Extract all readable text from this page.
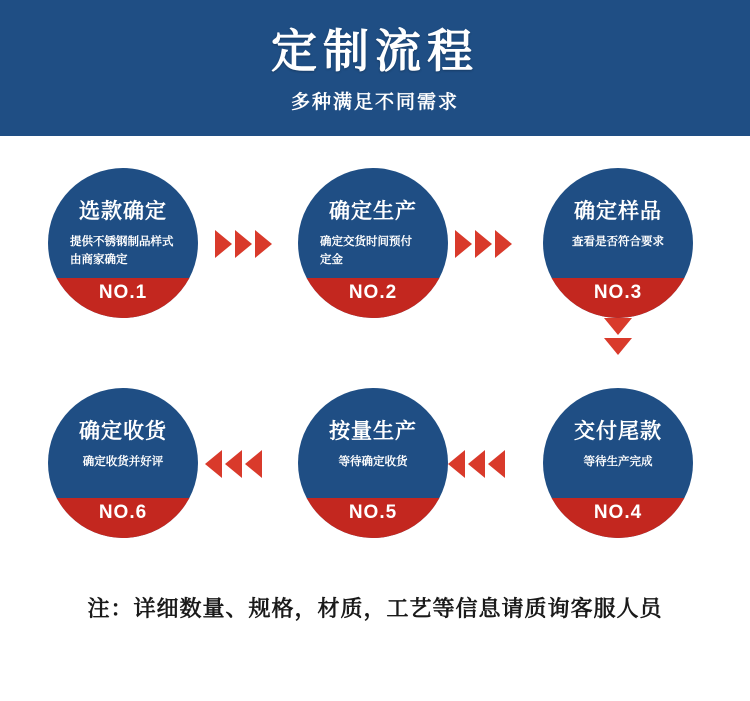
定制流程
多种满足不同需求
选款确定
提供不锈钢制品样式
由商家确定
NO.1
确定生产
确定交货时间预付
定金
NO.2
确定样品
查看是否符合要求
NO.3
交付尾款
等待生产完成
NO.4
按量生产
等待确定收货
NO.5
确定收货
确定收货并好评
NO.6
注：详细数量、规格，材质，工艺等信息请质询客服人员
